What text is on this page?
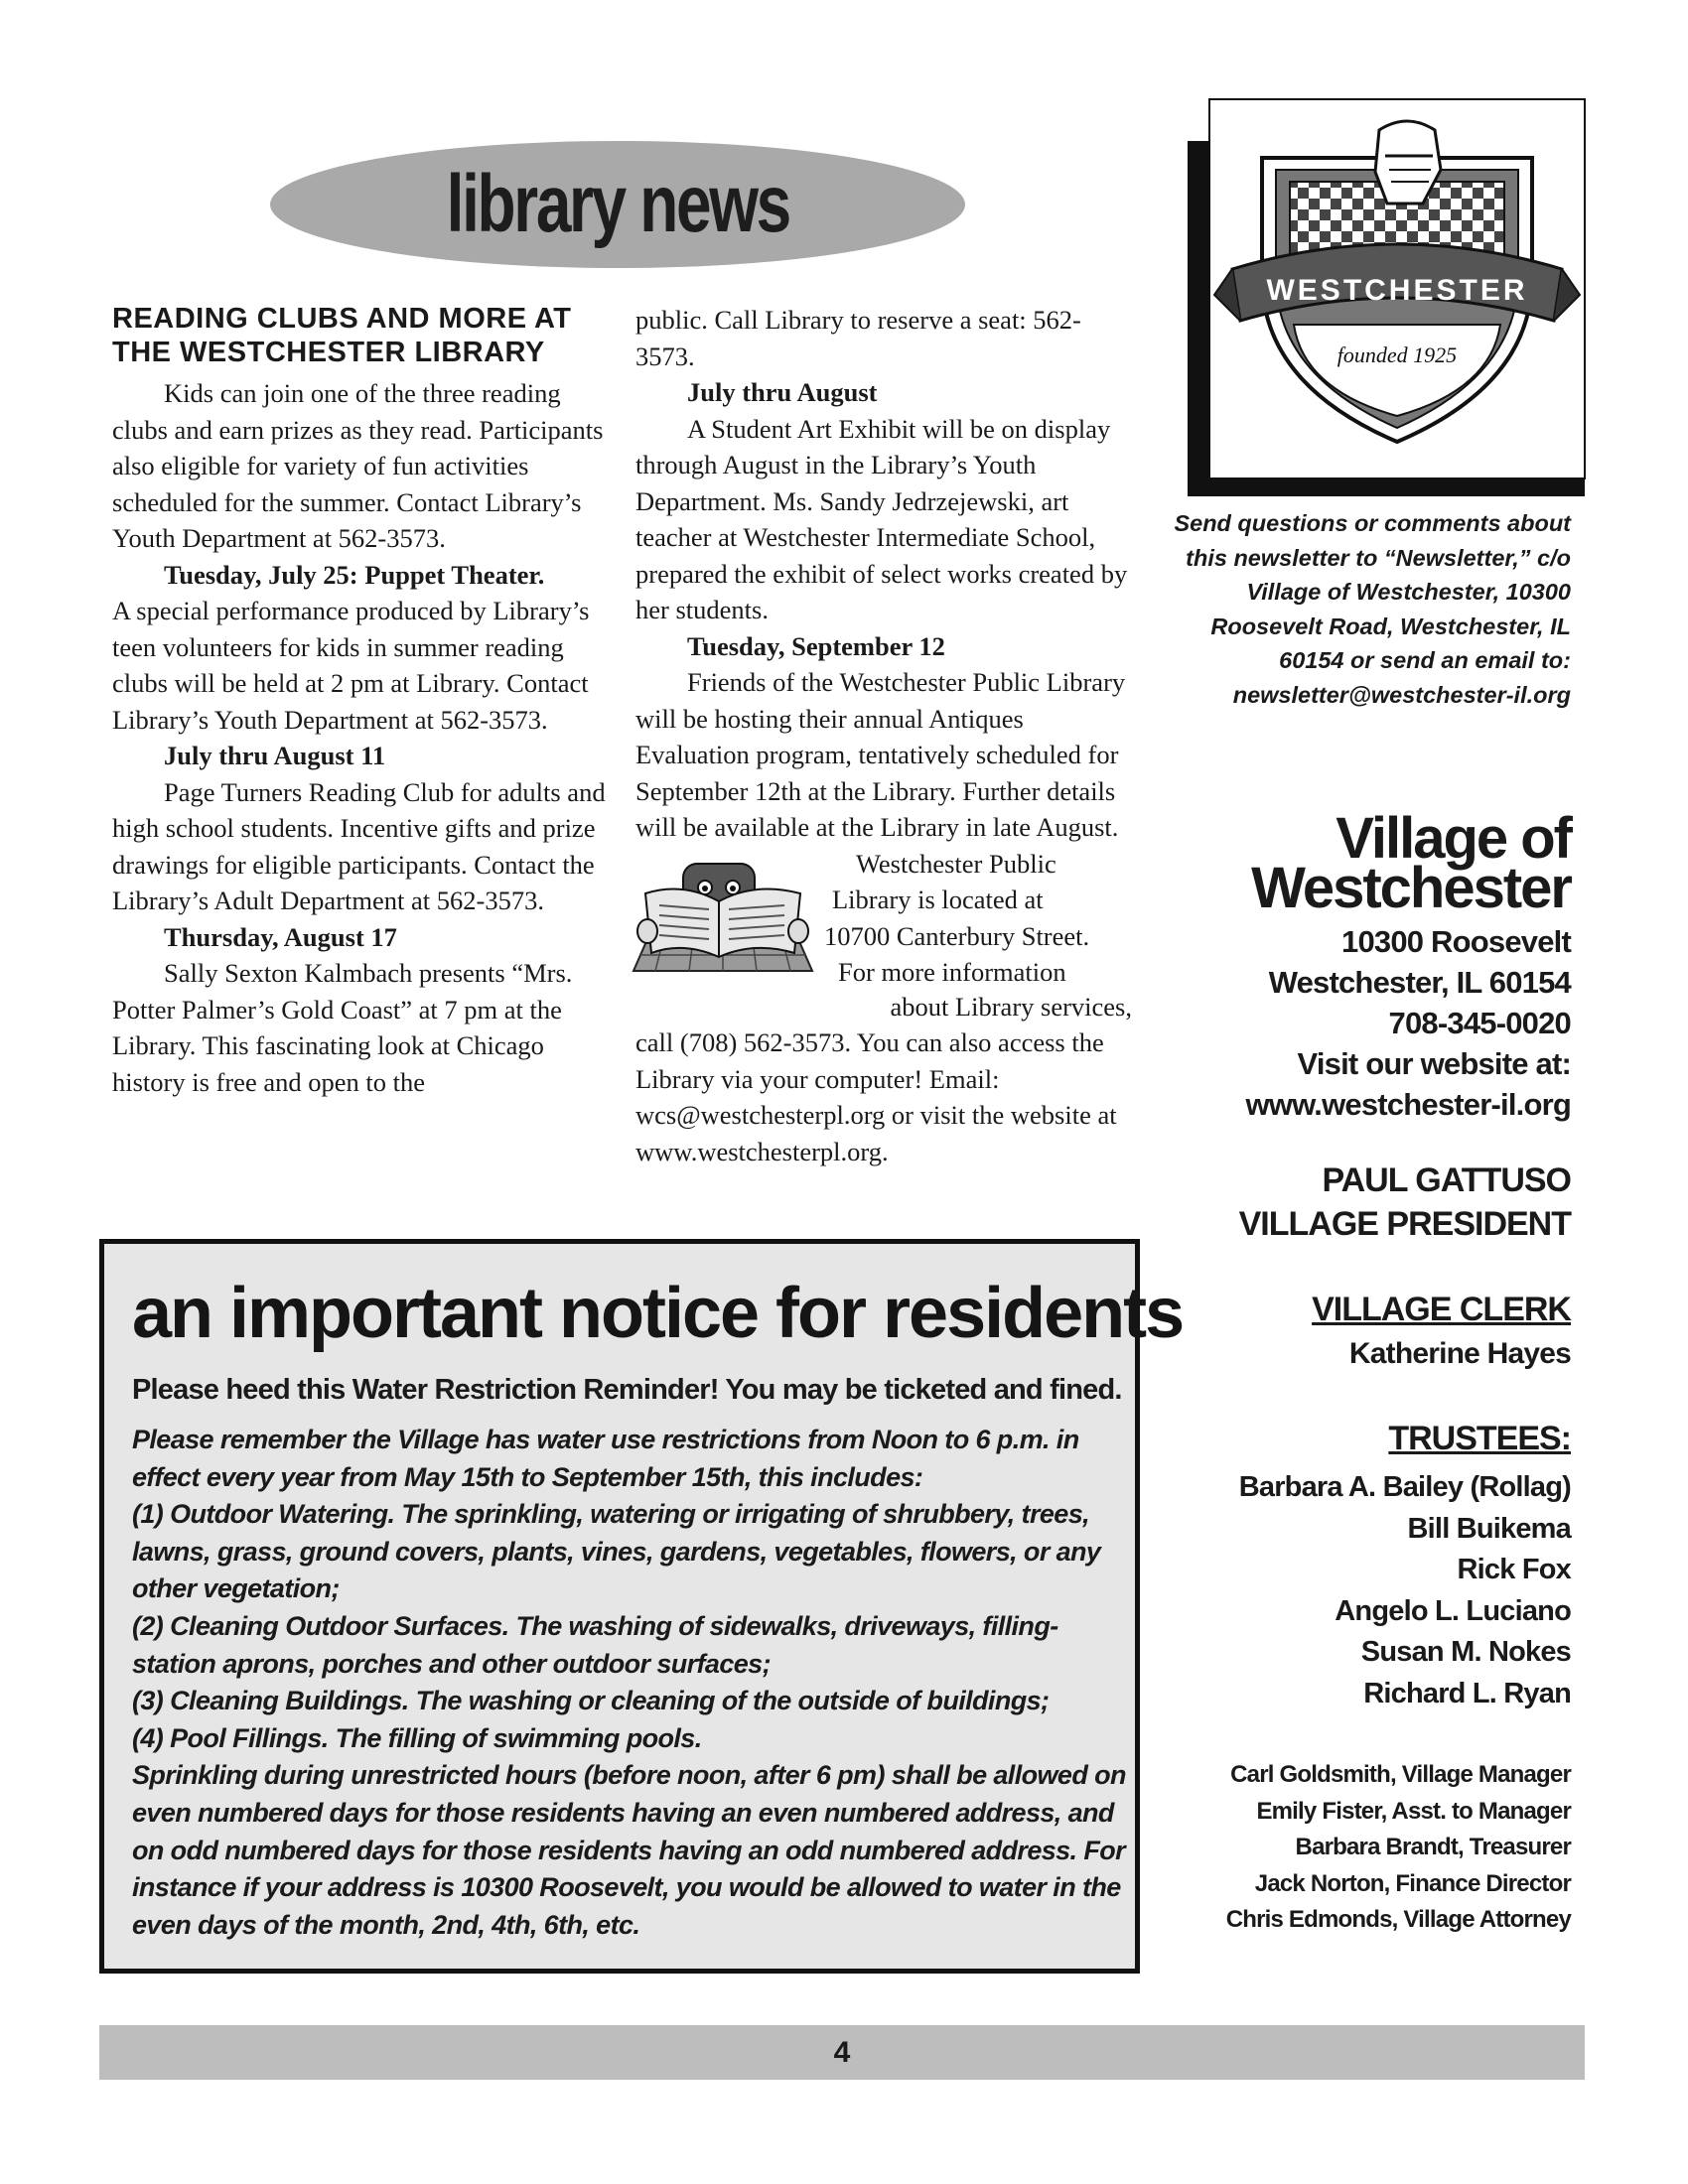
library news
READING CLUBS AND MORE AT
THE WESTCHESTER LIBRARY

Kids can join one of the three reading clubs and earn prizes as they read. Participants also eligible for variety of fun activities scheduled for the summer. Contact Library’s Youth Department at 562-3573.

Tuesday, July 25: Puppet Theater.

A special performance produced by Library’s teen volunteers for kids in summer reading clubs will be held at 2 pm at Library. Contact Library’s Youth Department at 562-3573.

July thru August 11

Page Turners Reading Club for adults and high school students. Incentive gifts and prize drawings for eligible participants. Contact the Library’s Adult Department at 562-3573.

Thursday, August 17

Sally Sexton Kalmbach presents “Mrs. Potter Palmer’s Gold Coast” at 7 pm at the Library. This fascinating look at Chicago history is free and open to the

public. Call Library to reserve a seat: 562-3573.

July thru August

A Student Art Exhibit will be on display through August in the Library’s Youth Department. Ms. Sandy Jedrzejewski, art teacher at Westchester Intermediate School, prepared the exhibit of select works created by her students.

Tuesday, September 12

Friends of the Westchester Public Library will be hosting their annual Antiques Evaluation program, tentatively scheduled for September 12th at the Library. Further details will be available at the Library in late August.

Westchester Public
Library is located at
10700 Canterbury Street.
For more information
about Library services,

call (708) 562-3573. You can also access the Library via your computer! Email: wcs@westchesterpl.org or visit the website at www.westchesterpl.org.

WESTCHESTER
founded 1925
Send questions or comments about this newsletter to “Newsletter,” c/o Village of Westchester, 10300 Roosevelt Road, Westchester, IL 60154 or send an email to: newsletter@westchester-il.org
Village of
Westchester
10300 Roosevelt
Westchester, IL 60154
708-345-0020
Visit our website at:
www.westchester-il.org
PAUL GATTUSO
VILLAGE PRESIDENT
VILLAGE CLERK
Katherine Hayes
TRUSTEES:
Barbara A. Bailey (Rollag)
Bill Buikema
Rick Fox
Angelo L. Luciano
Susan M. Nokes
Richard L. Ryan
Carl Goldsmith, Village Manager
Emily Fister, Asst. to Manager
Barbara Brandt, Treasurer
Jack Norton, Finance Director
Chris Edmonds, Village Attorney
an important notice for residents
Please heed this Water Restriction Reminder! You may be ticketed and fined.

Please remember the Village has water use restrictions from Noon to 6 p.m. in

effect every year from May 15th to September 15th, this includes:

(1) Outdoor Watering. The sprinkling, watering or irrigating of shrubbery, trees,

lawns, grass, ground covers, plants, vines, gardens, vegetables, flowers, or any

other vegetation;

(2) Cleaning Outdoor Surfaces. The washing of sidewalks, driveways, filling-

station aprons, porches and other outdoor surfaces;

(3) Cleaning Buildings. The washing or cleaning of the outside of buildings;

(4) Pool Fillings. The filling of swimming pools.

Sprinkling during unrestricted hours (before noon, after 6 pm) shall be allowed on

even numbered days for those residents having an even numbered address, and

on odd numbered days for those residents having an odd numbered address. For

instance if your address is 10300 Roosevelt, you would be allowed to water in the

even days of the month, 2nd, 4th, 6th, etc.

4
